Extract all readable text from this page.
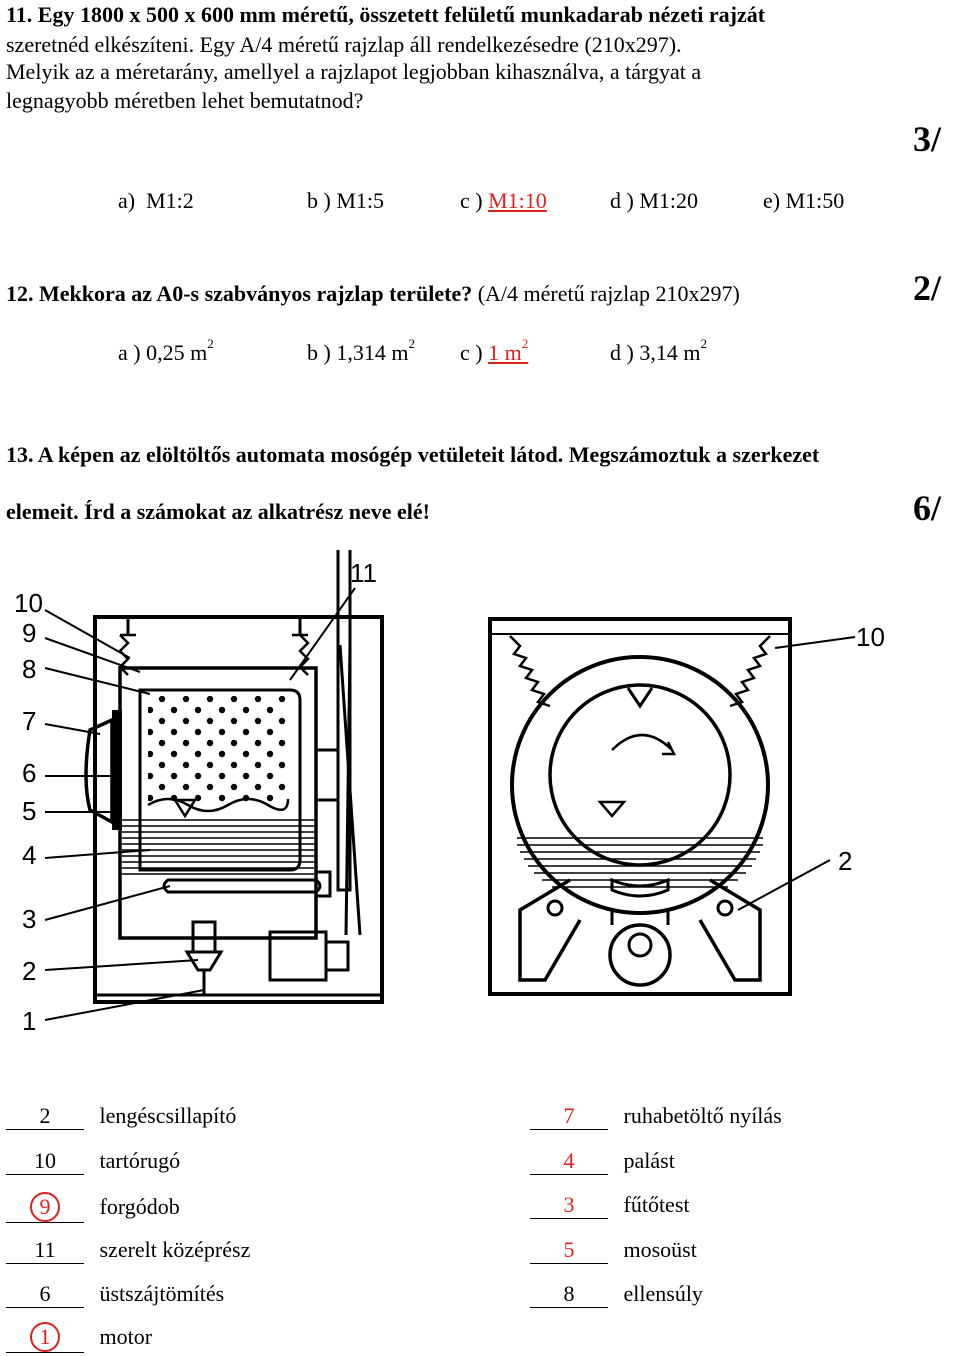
11. Egy 1800 x 500 x 600 mm méretű, összetett felületű munkadarab nézeti rajzát
szeretnéd elkészíteni. Egy A/4 méretű rajzlap áll rendelkezésedre (210x297).
Melyik az a méretarány, amellyel a rajzlapot legjobban kihasználva, a tárgyat a
legnagyobb méretben lehet bemutatnod?
3/
a) M1:2	b ) M1:5	c ) M1:10	d ) M1:20	e) M1:50
12. Mekkora az A0-s szabványos rajzlap területe? (A/4 méretű rajzlap 210x297)	2/
a ) 0,25 $m^2$	b ) 1,314 $m^2$ c ) 1 $m^2$	d ) 3,14 $m^2$
13. A képen az elöltöltős automata mosógép vetületeit látod. Megszámoztuk a szerkezet
elemeit. Írd a számokat az alkatrész neve elé!	6/
10
9
8
7
6
5
4
3
2
1
11
10
2
2 lengéscsillapító
10 tartórugó
9 forgódob
11 szerelt középrész
6 üstszájtömítés
1 motor
7 ruhabetöltő nyílás
4 palást
3 fűtőtest
5 mosoüst
8 ellensúly
